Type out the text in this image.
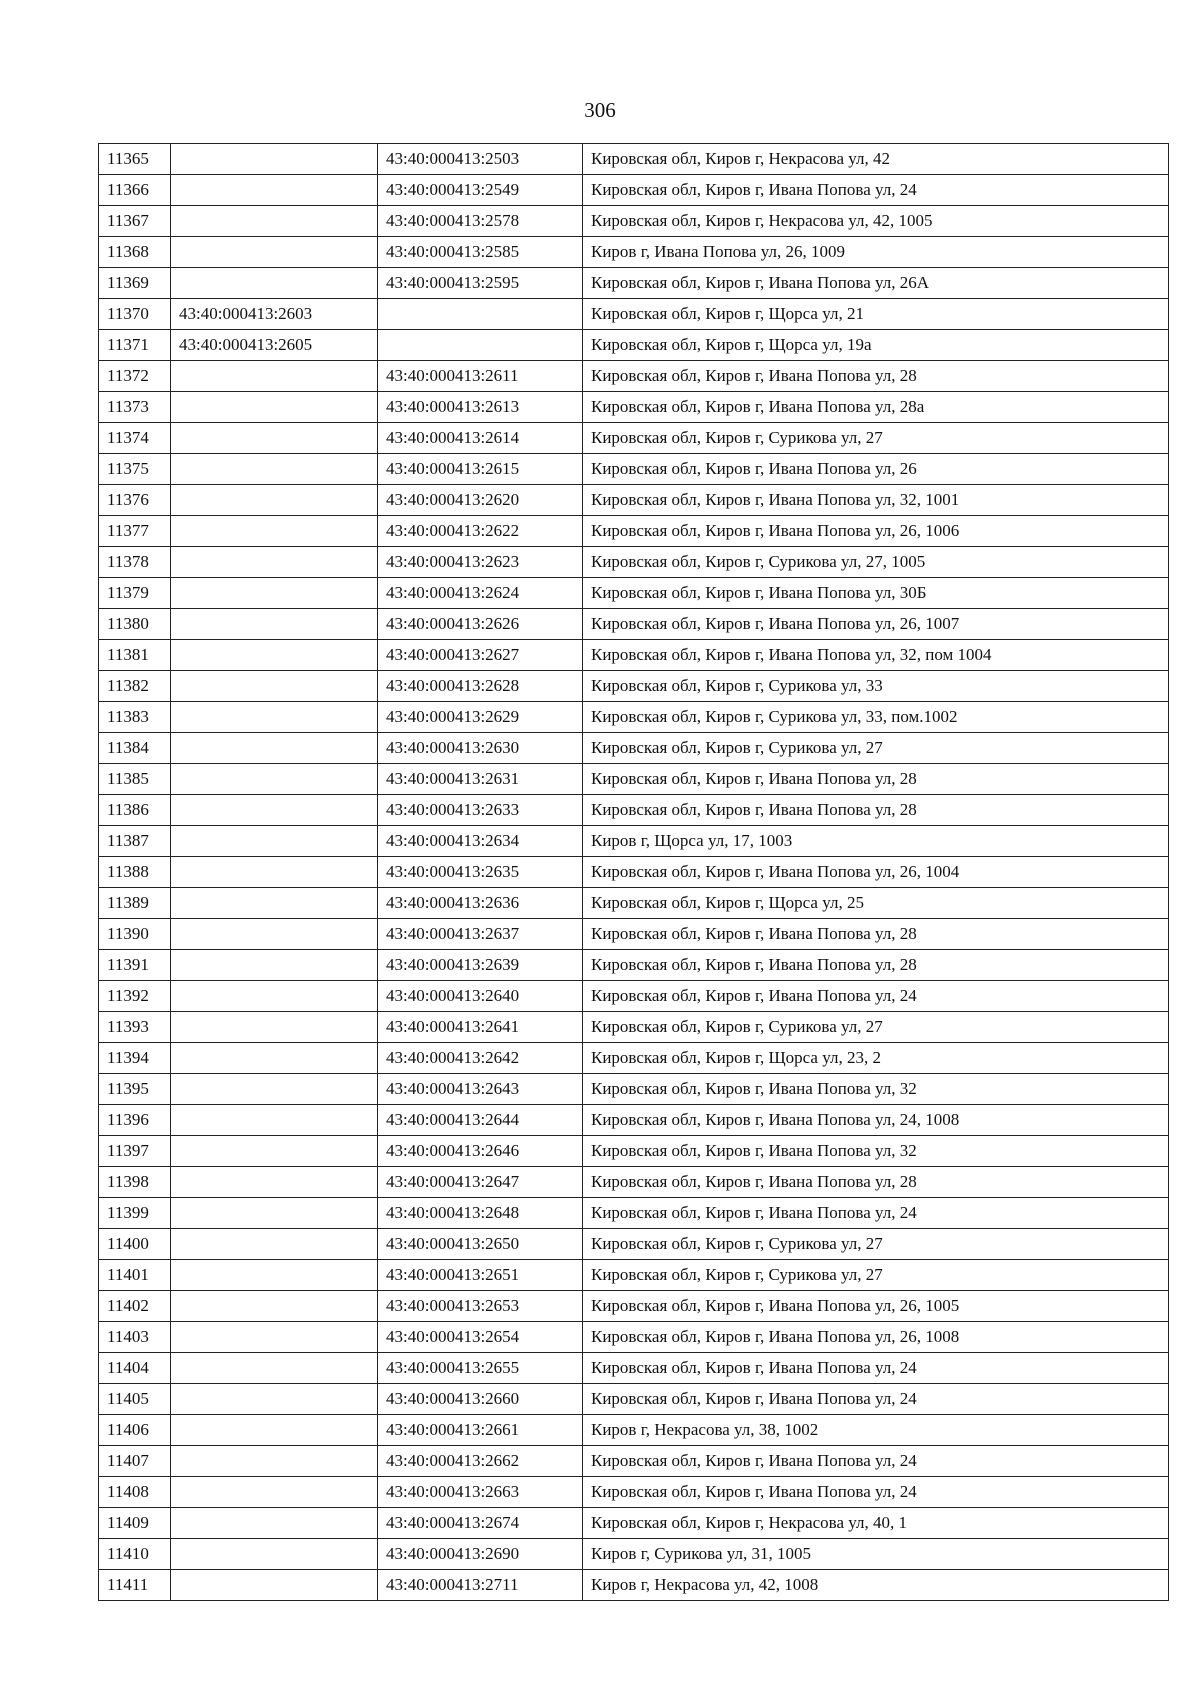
306
11365		43:40:000413:2503	Кировская обл, Киров г, Некрасова ул, 42
11366		43:40:000413:2549	Кировская обл, Киров г, Ивана Попова ул, 24
11367		43:40:000413:2578	Кировская обл, Киров г, Некрасова ул, 42, 1005
11368		43:40:000413:2585	Киров г, Ивана Попова ул, 26, 1009
11369		43:40:000413:2595	Кировская обл, Киров г, Ивана Попова ул, 26А
11370	43:40:000413:2603		Кировская обл, Киров г, Щорса ул, 21
11371	43:40:000413:2605		Кировская обл, Киров г, Щорса ул, 19а
11372		43:40:000413:2611	Кировская обл, Киров г, Ивана Попова ул, 28
11373		43:40:000413:2613	Кировская обл, Киров г, Ивана Попова ул, 28а
11374		43:40:000413:2614	Кировская обл, Киров г, Сурикова ул, 27
11375		43:40:000413:2615	Кировская обл, Киров г, Ивана Попова ул, 26
11376		43:40:000413:2620	Кировская обл, Киров г, Ивана Попова ул, 32, 1001
11377		43:40:000413:2622	Кировская обл, Киров г, Ивана Попова ул, 26, 1006
11378		43:40:000413:2623	Кировская обл, Киров г, Сурикова ул, 27, 1005
11379		43:40:000413:2624	Кировская обл, Киров г, Ивана Попова ул, 30Б
11380		43:40:000413:2626	Кировская обл, Киров г, Ивана Попова ул, 26, 1007
11381		43:40:000413:2627	Кировская обл, Киров г, Ивана Попова ул, 32, пом 1004
11382		43:40:000413:2628	Кировская обл, Киров г, Сурикова ул, 33
11383		43:40:000413:2629	Кировская обл, Киров г, Сурикова ул, 33, пом.1002
11384		43:40:000413:2630	Кировская обл, Киров г, Сурикова ул, 27
11385		43:40:000413:2631	Кировская обл, Киров г, Ивана Попова ул, 28
11386		43:40:000413:2633	Кировская обл, Киров г, Ивана Попова ул, 28
11387		43:40:000413:2634	Киров г, Щорса ул, 17, 1003
11388		43:40:000413:2635	Кировская обл, Киров г, Ивана Попова ул, 26, 1004
11389		43:40:000413:2636	Кировская обл, Киров г, Щорса ул, 25
11390		43:40:000413:2637	Кировская обл, Киров г, Ивана Попова ул, 28
11391		43:40:000413:2639	Кировская обл, Киров г, Ивана Попова ул, 28
11392		43:40:000413:2640	Кировская обл, Киров г, Ивана Попова ул, 24
11393		43:40:000413:2641	Кировская обл, Киров г, Сурикова ул, 27
11394		43:40:000413:2642	Кировская обл, Киров г, Щорса ул, 23, 2
11395		43:40:000413:2643	Кировская обл, Киров г, Ивана Попова ул, 32
11396		43:40:000413:2644	Кировская обл, Киров г, Ивана Попова ул, 24, 1008
11397		43:40:000413:2646	Кировская обл, Киров г, Ивана Попова ул, 32
11398		43:40:000413:2647	Кировская обл, Киров г, Ивана Попова ул, 28
11399		43:40:000413:2648	Кировская обл, Киров г, Ивана Попова ул, 24
11400		43:40:000413:2650	Кировская обл, Киров г, Сурикова ул, 27
11401		43:40:000413:2651	Кировская обл, Киров г, Сурикова ул, 27
11402		43:40:000413:2653	Кировская обл, Киров г, Ивана Попова ул, 26, 1005
11403		43:40:000413:2654	Кировская обл, Киров г, Ивана Попова ул, 26, 1008
11404		43:40:000413:2655	Кировская обл, Киров г, Ивана Попова ул, 24
11405		43:40:000413:2660	Кировская обл, Киров г, Ивана Попова ул, 24
11406		43:40:000413:2661	Киров г, Некрасова ул, 38, 1002
11407		43:40:000413:2662	Кировская обл, Киров г, Ивана Попова ул, 24
11408		43:40:000413:2663	Кировская обл, Киров г, Ивана Попова ул, 24
11409		43:40:000413:2674	Кировская обл, Киров г, Некрасова ул, 40, 1
11410		43:40:000413:2690	Киров г, Сурикова ул, 31, 1005
11411		43:40:000413:2711	Киров г, Некрасова ул, 42, 1008
